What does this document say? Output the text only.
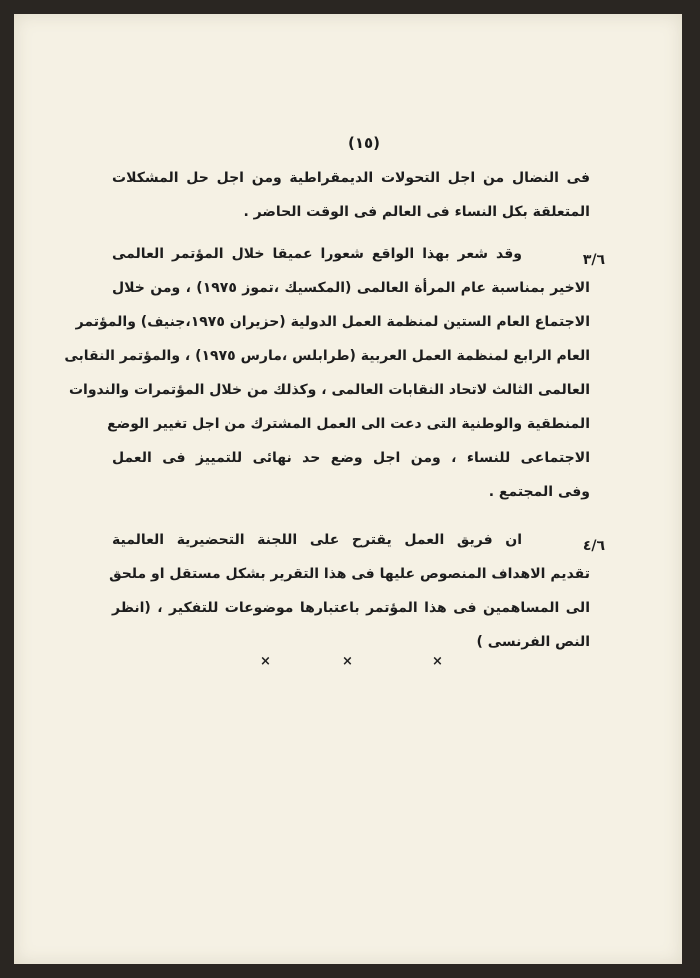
(١٥)
فى النضال من اجل التحولات الديمقراطية ومن اجل حل المشكلات
المتعلقة بكل النساء فى العالم فى الوقت الحاضر .
٣/٦
وقد شعر بهذا الواقع شعورا عميقا خلال المؤتمر العالمى
الاخير بمناسبة عام المرأة العالمى (المكسيك ،تموز ١٩٧٥) ، ومن خلال
الاجتماع العام الستين لمنظمة العمل الدولية (حزيران ١٩٧٥،جنيف) والمؤتمر
العام الرابع لمنظمة العمل العربية (طرابلس ،مارس ١٩٧٥) ، والمؤتمر النقابى
العالمى الثالث لاتحاد النقابات العالمى ، وكذلك من خلال المؤتمرات والندوات
المنطقية والوطنية التى دعت الى العمل المشترك من اجل تغيير الوضع
الاجتماعى للنساء ، ومن اجل وضع حد نهائى للتمييز فى العمل
وفى المجتمع .
٤/٦
ان فريق العمل يقترح على اللجنة التحضيرية العالمية
تقديم الاهداف المنصوص عليها فى هذا التقرير بشكل مستقل او ملحق
الى المساهمين فى هذا المؤتمر باعتبارها موضوعات للتفكير ، (انظر
النص الفرنسى )
×	×	×
